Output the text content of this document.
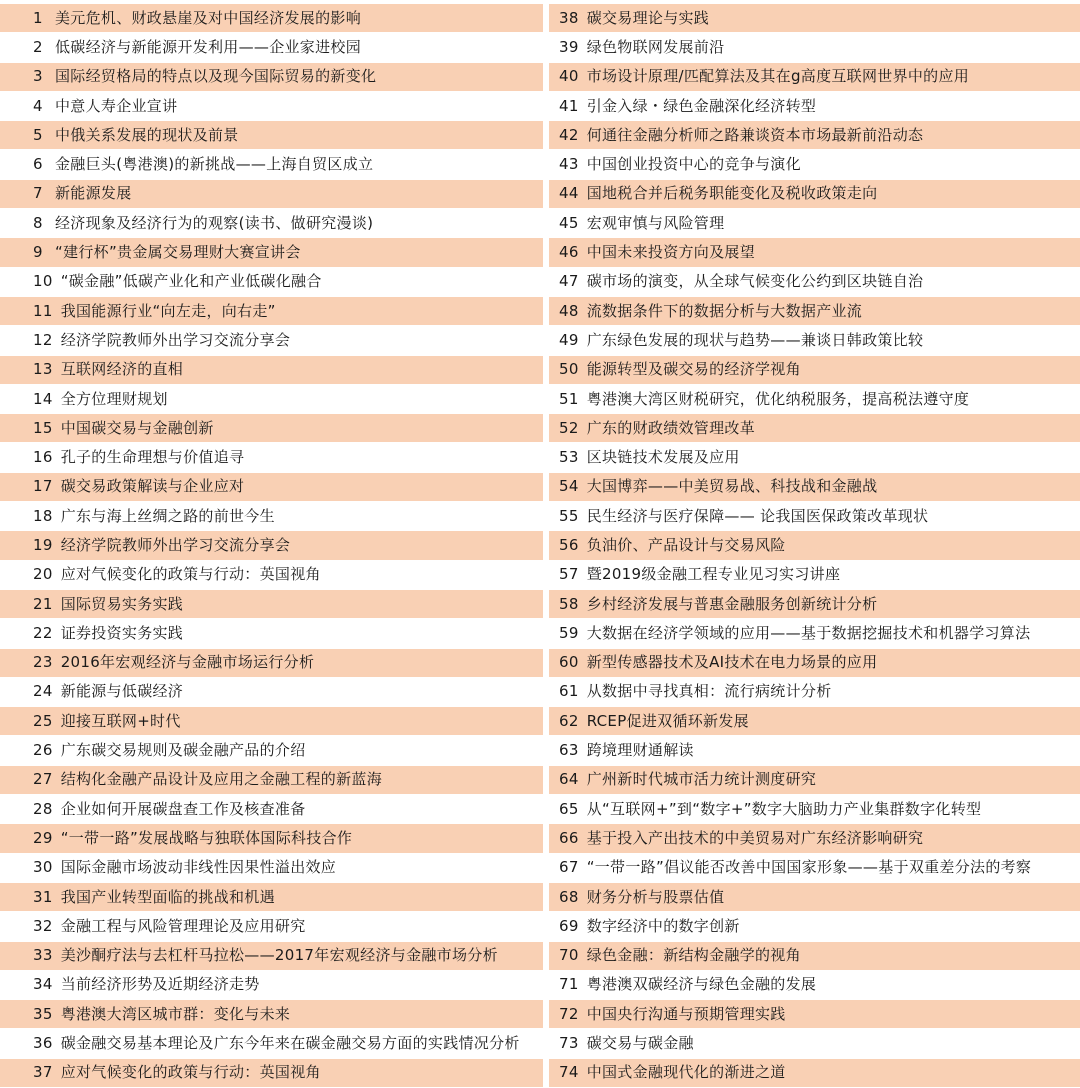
1 美元危机、财政悬崖及对中国经济发展的影响	38 碳交易理论与实践
2 低碳经济与新能源开发利用——企业家进校园	39 绿色物联网发展前沿
3 国际经贸格局的特点以及现今国际贸易的新变化	40 市场设计原理/匹配算法及其在g高度互联网世界中的应用
4 中意人寿企业宣讲	41 引金入绿・绿色金融深化经济转型
5 中俄关系发展的现状及前景	42 何通往金融分析师之路兼谈资本市场最新前沿动态
6 金融巨头(粤港澳)的新挑战——上海自贸区成立	43 中国创业投资中心的竞争与演化
7 新能源发展	44 国地税合并后税务职能变化及税收政策走向
8 经济现象及经济行为的观察(读书、做研究漫谈)	45 宏观审慎与风险管理
9 “建行杯”贵金属交易理财大赛宣讲会	46 中国未来投资方向及展望
10 “碳金融”低碳产业化和产业低碳化融合	47 碳市场的演变，从全球气候变化公约到区块链自治
11 我国能源行业“向左走，向右走”	48 流数据条件下的数据分析与大数据产业流
12 经济学院教师外出学习交流分享会	49 广东绿色发展的现状与趋势——兼谈日韩政策比较
13 互联网经济的直相	50 能源转型及碳交易的经济学视角
14 全方位理财规划	51 粤港澳大湾区财税研究，优化纳税服务，提高税法遵守度
15 中国碳交易与金融创新	52 广东的财政绩效管理改革
16 孔子的生命理想与价值追寻	53 区块链技术发展及应用
17 碳交易政策解读与企业应对	54 大国博弈——中美贸易战、科技战和金融战
18 广东与海上丝绸之路的前世今生	55 民生经济与医疗保障—— 论我国医保政策改革现状
19 经济学院教师外出学习交流分享会	56 负油价、产品设计与交易风险
20 应对气候变化的政策与行动：英国视角	57 暨2019级金融工程专业见习实习讲座
21 国际贸易实务实践	58 乡村经济发展与普惠金融服务创新统计分析
22 证券投资实务实践	59 大数据在经济学领域的应用——基于数据挖掘技术和机器学习算法
23 2016年宏观经济与金融市场运行分析	60 新型传感器技术及AI技术在电力场景的应用
24 新能源与低碳经济	61 从数据中寻找真相：流行病统计分析
25 迎接互联网+时代	62 RCEP促进双循环新发展
26 广东碳交易规则及碳金融产品的介绍	63 跨境理财通解读
27 结构化金融产品设计及应用之金融工程的新蓝海	64 广州新时代城市活力统计测度研究
28 企业如何开展碳盘查工作及核查准备	65 从“互联网+”到“数字+”数字大脑助力产业集群数字化转型
29 “一带一路”发展战略与独联体国际科技合作	66 基于投入产出技术的中美贸易对广东经济影响研究
30 国际金融市场波动非线性因果性溢出效应	67 “一带一路”倡议能否改善中国国家形象——基于双重差分法的考察
31 我国产业转型面临的挑战和机遇	68 财务分析与股票估值
32 金融工程与风险管理理论及应用研究	69 数字经济中的数字创新
33 美沙酮疗法与去杠杆马拉松——2017年宏观经济与金融市场分析	70 绿色金融：新结构金融学的视角
34 当前经济形势及近期经济走势	71 粤港澳双碳经济与绿色金融的发展
35 粤港澳大湾区城市群：变化与未来	72 中国央行沟通与预期管理实践
36 碳金融交易基本理论及广东今年来在碳金融交易方面的实践情况分析	73 碳交易与碳金融
37 应对气候变化的政策与行动：英国视角	74 中国式金融现代化的渐进之道
